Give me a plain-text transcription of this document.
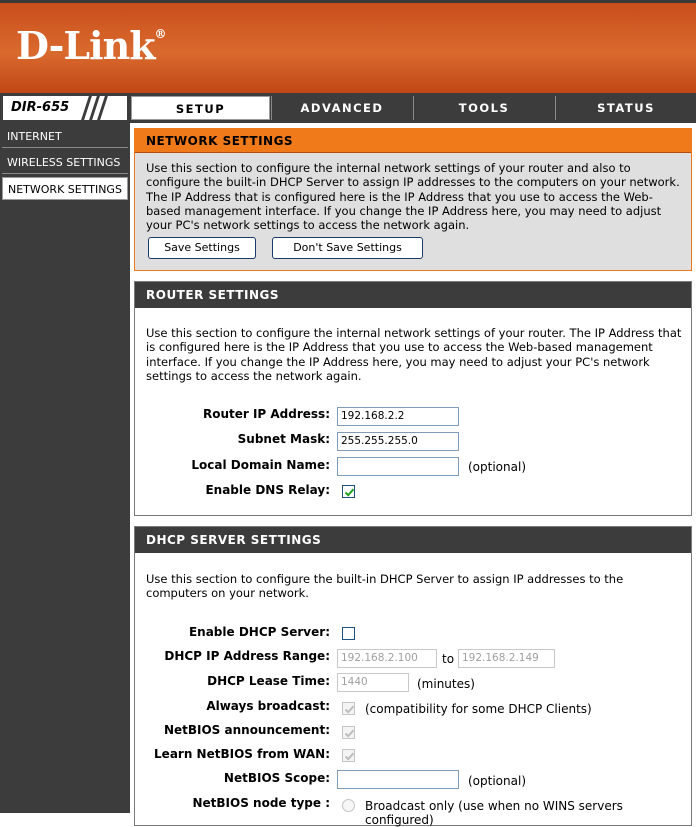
D-Link®
DIR-655	SETUP	ADVANCED	TOOLS	STATUS
INTERNET
WIRELESS SETTINGS
NETWORK SETTINGS
NETWORK SETTINGS
Use this section to configure the internal network settings of your router and also to configure the built-in DHCP Server to assign IP addresses to the computers on your network. The IP Address that is configured here is the IP Address that you use to access the Web-based management interface. If you change the IP Address here, you may need to adjust your PC's network settings to access the network again.
Save Settings	Don't Save Settings
ROUTER SETTINGS
Use this section to configure the internal network settings of your router. The IP Address that is configured here is the IP Address that you use to access the Web-based management interface. If you change the IP Address here, you may need to adjust your PC's network settings to access the network again.
Router IP Address:	192.168.2.2
Subnet Mask:	255.255.255.0
Local Domain Name:	(optional)
Enable DNS Relay:
DHCP SERVER SETTINGS
Use this section to configure the built-in DHCP Server to assign IP addresses to the computers on your network.
Enable DHCP Server:
DHCP IP Address Range:	192.168.2.100	to 192.168.2.149
DHCP Lease Time:	1440	(minutes)
Always broadcast:	(compatibility for some DHCP Clients)
NetBIOS announcement:
Learn NetBIOS from WAN:
NetBIOS Scope:	(optional)
NetBIOS node type :	Broadcast only (use when no WINS servers configured)
